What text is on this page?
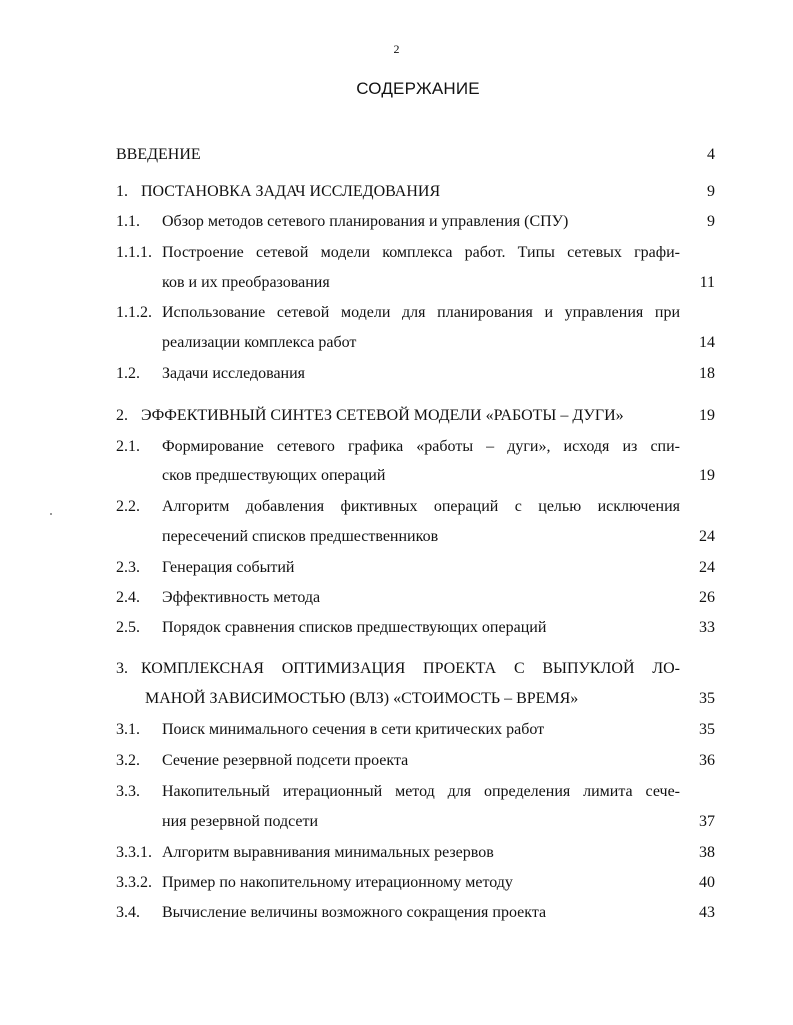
2
СОДЕРЖАНИЕ
ВВЕДЕНИЕ	4
1. ПОСТАНОВКА ЗАДАЧ ИССЛЕДОВАНИЯ	9
1.1. Обзор методов сетевого планирования и управления (СПУ)	9
1.1.1. Построение сетевой модели комплекса работ. Типы сетевых графи-
ков и их преобразования	11
1.1.2. Использование сетевой модели для планирования и управления при
реализации комплекса работ	14
1.2. Задачи исследования	18
2. ЭФФЕКТИВНЫЙ СИНТЕЗ СЕТЕВОЙ МОДЕЛИ «РАБОТЫ – ДУГИ»	19
2.1. Формирование сетевого графика «работы – дуги», исходя из спи-
сков предшествующих операций	19
2.2. Алгоритм добавления фиктивных операций с целью исключения
пересечений списков предшественников	24
2.3. Генерация событий	24
2.4. Эффективность метода	26
2.5. Порядок сравнения списков предшествующих операций	33
3. КОМПЛЕКСНАЯ ОПТИМИЗАЦИЯ ПРОЕКТА С ВЫПУКЛОЙ ЛО-
МАНОЙ ЗАВИСИМОСТЬЮ (ВЛЗ) «СТОИМОСТЬ – ВРЕМЯ»	35
3.1. Поиск минимального сечения в сети критических работ	35
3.2. Сечение резервной подсети проекта	36
3.3. Накопительный итерационный метод для определения лимита сече-
ния резервной подсети	37
3.3.1. Алгоритм выравнивания минимальных резервов	38
3.3.2. Пример по накопительному итерационному методу	40
3.4. Вычисление величины возможного сокращения проекта	43
